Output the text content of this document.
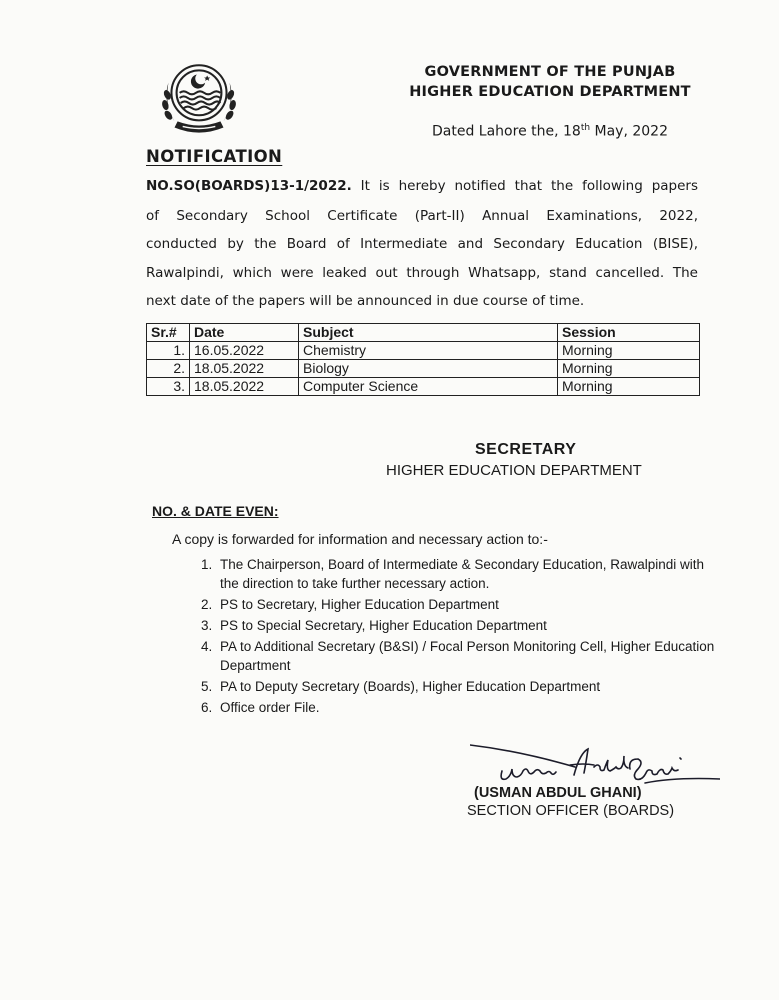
GOVERNMENT OF THE PUNJAB
HIGHER EDUCATION DEPARTMENT
Dated Lahore the, 18th May, 2022
NOTIFICATION
NO.SO(BOARDS)13-1/2022. It is hereby notified that the following papers
of Secondary School Certificate (Part-II) Annual Examinations, 2022,
conducted by the Board of Intermediate and Secondary Education (BISE),
Rawalpindi, which were leaked out through Whatsapp, stand cancelled. The
next date of the papers will be announced in due course of time.
Sr.#	Date	Subject	Session
1.	16.05.2022	Chemistry	Morning
2.	18.05.2022	Biology	Morning
3.	18.05.2022	Computer Science	Morning
SECRETARY
HIGHER EDUCATION DEPARTMENT
NO. & DATE EVEN:
A copy is forwarded for information and necessary action to:-
1. The Chairperson, Board of Intermediate & Secondary Education, Rawalpindi with the direction to take further necessary action.
2. PS to Secretary, Higher Education Department
3. PS to Special Secretary, Higher Education Department
4. PA to Additional Secretary (B&SI) / Focal Person Monitoring Cell, Higher Education Department
5. PA to Deputy Secretary (Boards), Higher Education Department
6. Office order File.
(USMAN ABDUL GHANI)
SECTION OFFICER (BOARDS)
